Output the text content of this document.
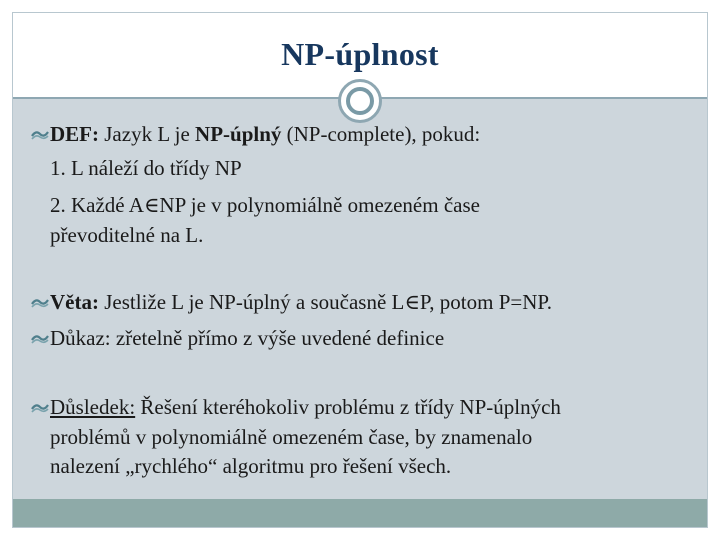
NP-úplnost
DEF: Jazyk L je NP-úplný (NP-complete), pokud:
1. L náleží do třídy NP
2. Každé A∈NP je v polynomiálně omezeném čase
převoditelné na L.
Věta: Jestliže L je NP-úplný a současně L∈P, potom P=NP.
Důkaz: zřetelně přímo z výše uvedené definice
Důsledek: Řešení kteréhokoliv problému z třídy NP-úplných
problémů v polynomiálně omezeném čase, by znamenalo
nalezení „rychlého“ algoritmu pro řešení všech.
